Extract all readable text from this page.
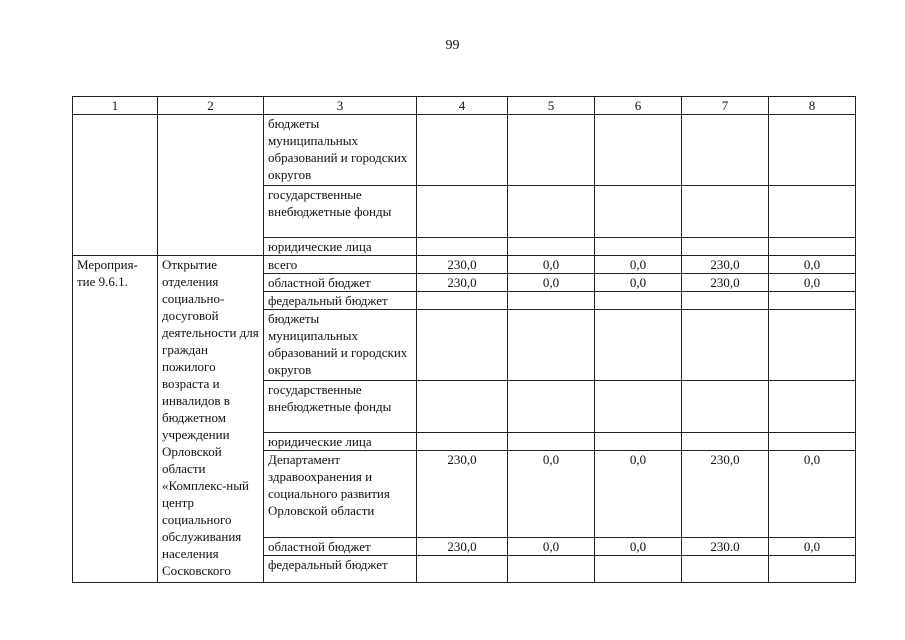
99
1	2	3	4	5	6	7	8
		бюджеты муниципальных образований и городских округов					
		государственные внебюджетные фонды					
		юридические лица					
Мероприя-тие 9.6.1.	Открытие отделения социально-досуговой деятельности для граждан пожилого возраста и инвалидов в бюджетном учреждении Орловской области «Комплекс-ный центр социального обслуживания населения Сосковского	всего	230,0	0,0	0,0	230,0	0,0
		областной бюджет	230,0	0,0	0,0	230,0	0,0
		федеральный бюджет					
		бюджеты муниципальных образований и городских округов					
		государственные внебюджетные фонды					
		юридические лица					
		Департамент здравоохранения и социального развития Орловской области	230,0	0,0	0,0	230,0	0,0
		областной бюджет	230,0	0,0	0,0	230.0	0,0
		федеральный бюджет					
